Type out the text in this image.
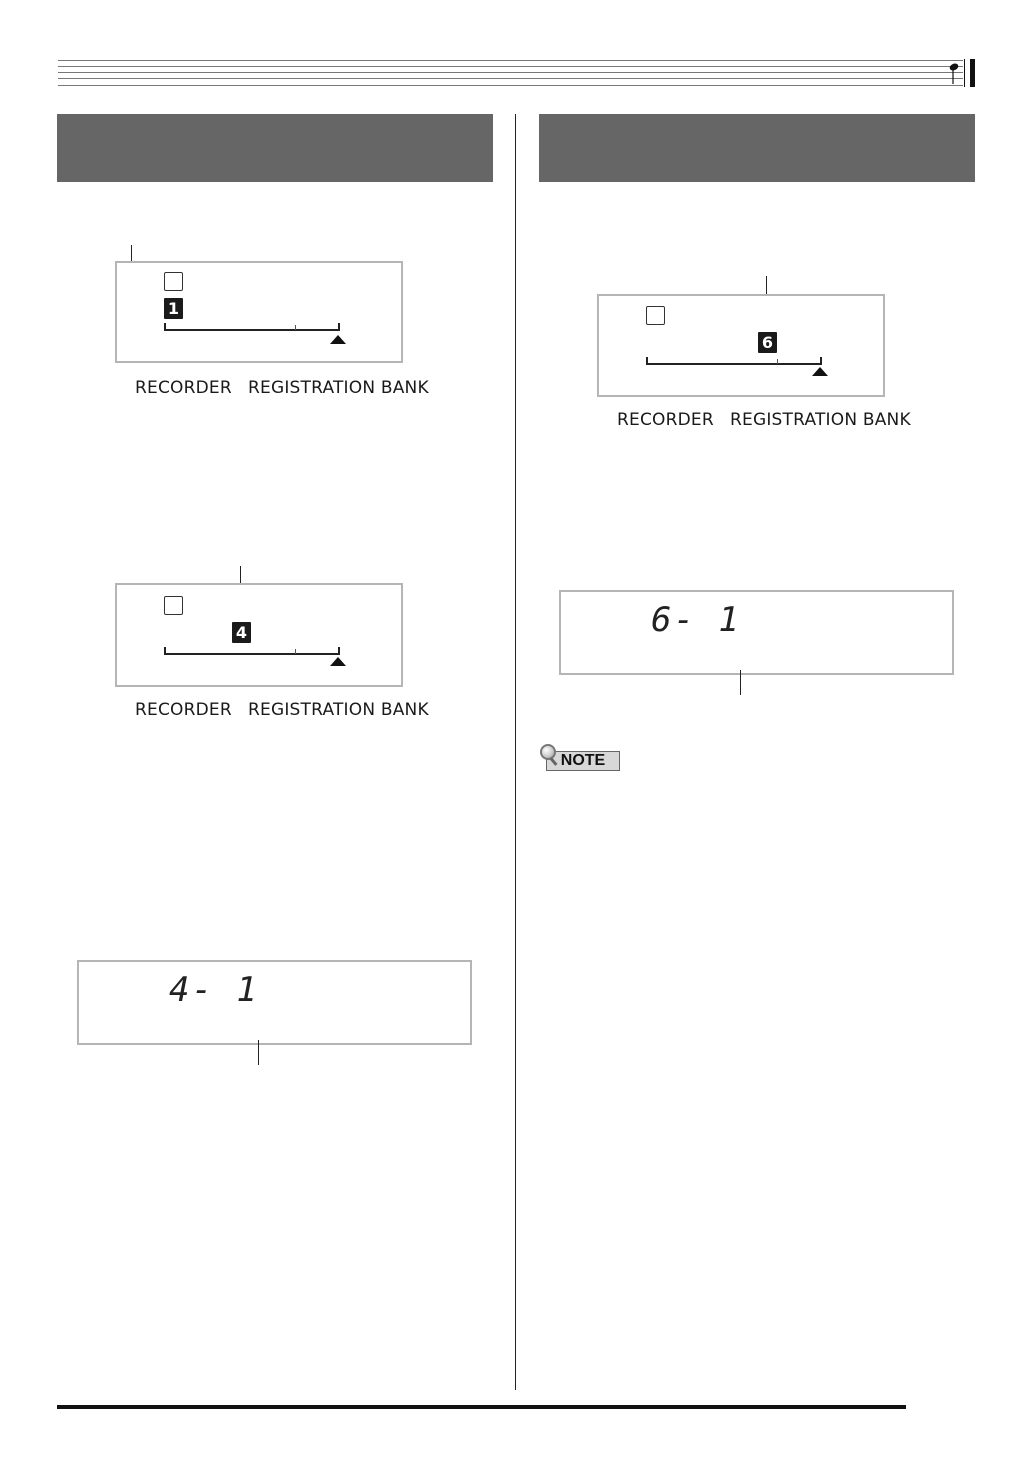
1
RECORDER REGISTRATION BANK
4
RECORDER REGISTRATION BANK
6
RECORDER REGISTRATION BANK
4- 1
6- 1
NOTE
